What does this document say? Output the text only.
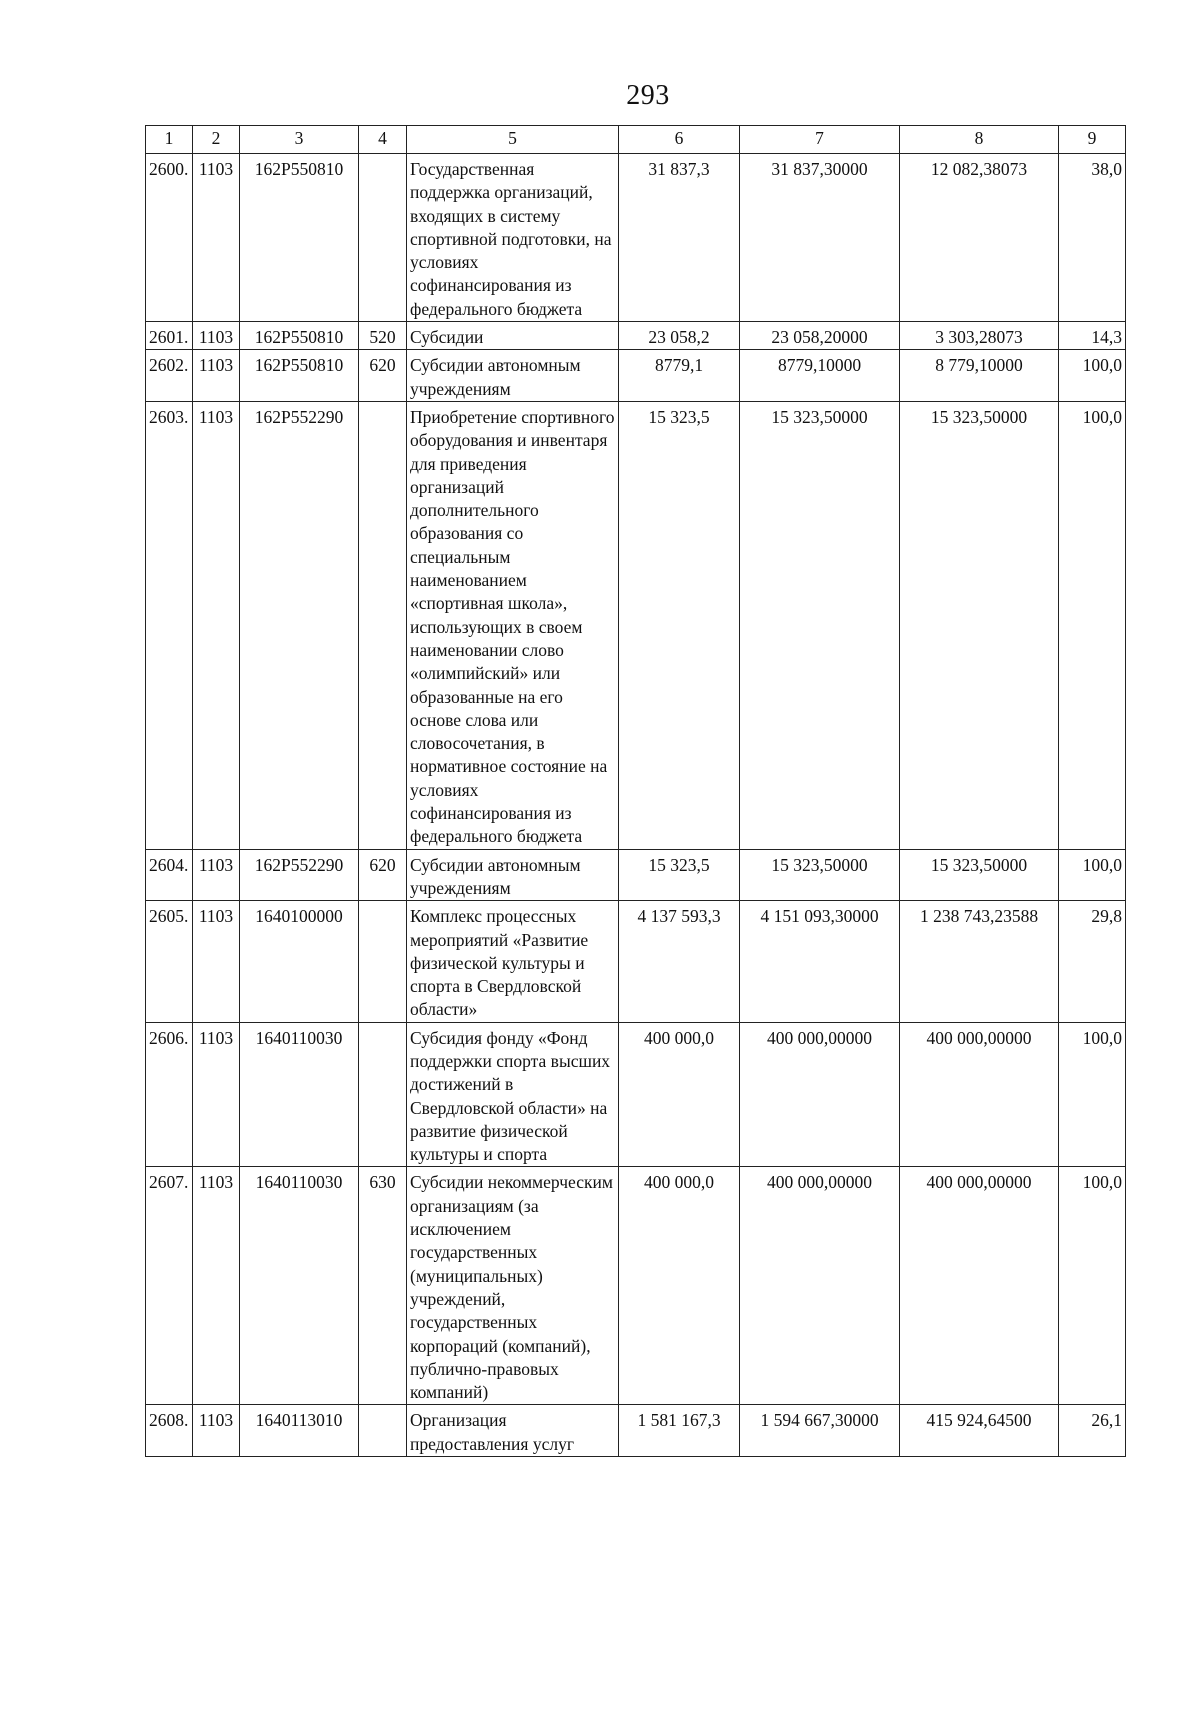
293
1	2	3	4	5	6	7	8	9
2600.	1103	162Р550810		Государственная поддержка организаций, входящих в систему спортивной подготовки, на условиях софинансирования из федерального бюджета	31 837,3	31 837,30000	12 082,38073	38,0
2601.	1103	162Р550810	520	Субсидии	23 058,2	23 058,20000	3 303,28073	14,3
2602.	1103	162Р550810	620	Субсидии автономным учреждениям	8779,1	8779,10000	8 779,10000	100,0
2603.	1103	162Р552290		Приобретение спортивного оборудования и инвентаря для приведения организаций дополнительного образования со специальным наименованием «спортивная школа», использующих в своем наименовании слово «олимпийский» или образованные на его основе слова или словосочетания, в нормативное состояние на условиях софинансирования из федерального бюджета	15 323,5	15 323,50000	15 323,50000	100,0
2604.	1103	162Р552290	620	Субсидии автономным учреждениям	15 323,5	15 323,50000	15 323,50000	100,0
2605.	1103	1640100000		Комплекс процессных мероприятий «Развитие физической культуры и спорта в Свердловской области»	4 137 593,3	4 151 093,30000	1 238 743,23588	29,8
2606.	1103	1640110030		Субсидия фонду «Фонд поддержки спорта высших достижений в Свердловской области» на развитие физической культуры и спорта	400 000,0	400 000,00000	400 000,00000	100,0
2607.	1103	1640110030	630	Субсидии некоммерческим организациям (за исключением государственных (муниципальных) учреждений, государственных корпораций (компаний), публично-правовых компаний)	400 000,0	400 000,00000	400 000,00000	100,0
2608.	1103	1640113010		Организация предоставления услуг	1 581 167,3	1 594 667,30000	415 924,64500	26,1
